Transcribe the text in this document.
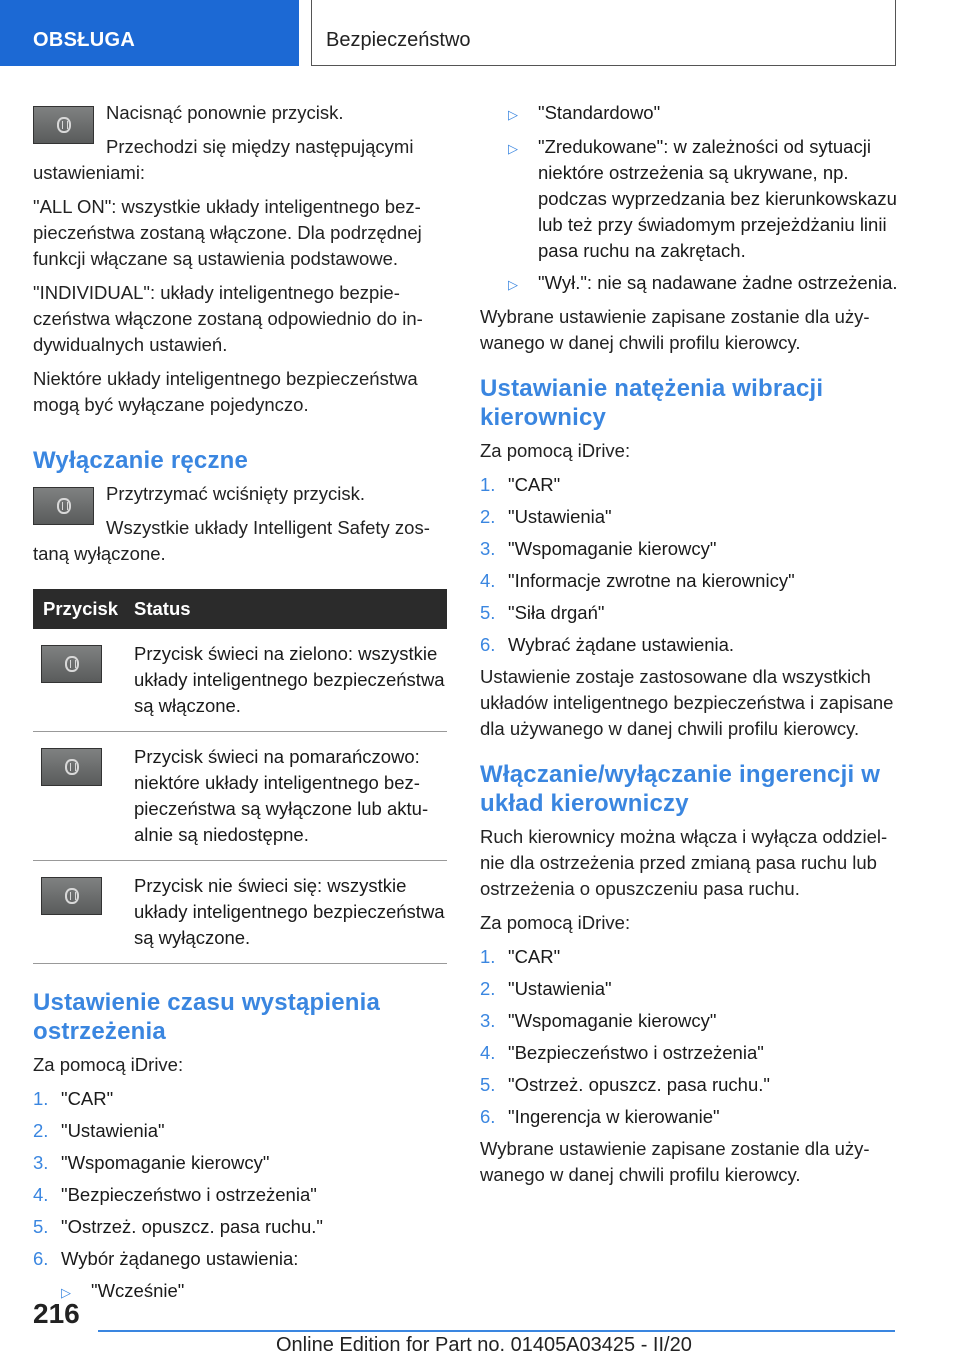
OBSŁUGA	Bezpieczeństwo

Nacisnąć ponownie przycisk.

Przechodzi się między następującymi ustawieniami:

"ALL ON": wszystkie układy inteligentnego bezpieczeństwa zostaną włączone. Dla podrzędnej funkcji włączane są ustawienia podstawowe.

"INDIVIDUAL": układy inteligentnego bezpieczeństwa włączone zostaną odpowiednio do indywidualnych ustawień.

Niektóre układy inteligentnego bezpieczeństwa mogą być wyłączane pojedynczo.

Wyłączanie ręczne

Przytrzymać wciśnięty przycisk.

Wszystkie układy Intelligent Safety zostaną wyłączone.

Przycisk Status
Przycisk świeci na zielono: wszystkie układy inteligentnego bezpieczeństwa są włączone.
Przycisk świeci na pomarańczowo: niektóre układy inteligentnego bezpieczeństwa są wyłączone lub aktualnie są niedostępne.
Przycisk nie świeci się: wszystkie układy inteligentnego bezpieczeństwa są wyłączone.
Ustawienie czasu wystąpienia ostrzeżenia

Za pomocą iDrive:

1. "CAR"
2. "Ustawienia"
3. "Wspomaganie kierowcy"
4. "Bezpieczeństwo i ostrzeżenia"
5. "Ostrzeż. opuszcz. pasa ruchu."
6. Wybór żądanego ustawienia:
▷	"Wcześnie"
▷	"Standardowo"
▷	"Zredukowane": w zależności od sytuacji niektóre ostrzeżenia są ukrywane, np. podczas wyprzedzania bez kierunkowskazu lub też przy świadomym przejeżdżaniu linii pasa ruchu na zakrętach.
▷	"Wył.": nie są nadawane żadne ostrzeżenia.

Wybrane ustawienie zapisane zostanie dla używanego w danej chwili profilu kierowcy.

Ustawianie natężenia wibracji kierownicy

Za pomocą iDrive:

1. "CAR"
2. "Ustawienia"
3. "Wspomaganie kierowcy"
4. "Informacje zwrotne na kierownicy"
5. "Siła drgań"
6. Wybrać żądane ustawienia.

Ustawienie zostaje zastosowane dla wszystkich układów inteligentnego bezpieczeństwa i zapisane dla używanego w danej chwili profilu kierowcy.

Włączanie/wyłączanie ingerencji w układ kierowniczy

Ruch kierownicy można włącza i wyłącza oddzielnie dla ostrzeżenia przed zmianą pasa ruchu lub ostrzeżenia o opuszczeniu pasa ruchu.

Za pomocą iDrive:

1. "CAR"
2. "Ustawienia"
3. "Wspomaganie kierowcy"
4. "Bezpieczeństwo i ostrzeżenia"
5. "Ostrzeż. opuszcz. pasa ruchu."
6. "Ingerencja w kierowanie"

Wybrane ustawienie zapisane zostanie dla używanego w danej chwili profilu kierowcy.

216
Online Edition for Part no. 01405A03425 - II/20
